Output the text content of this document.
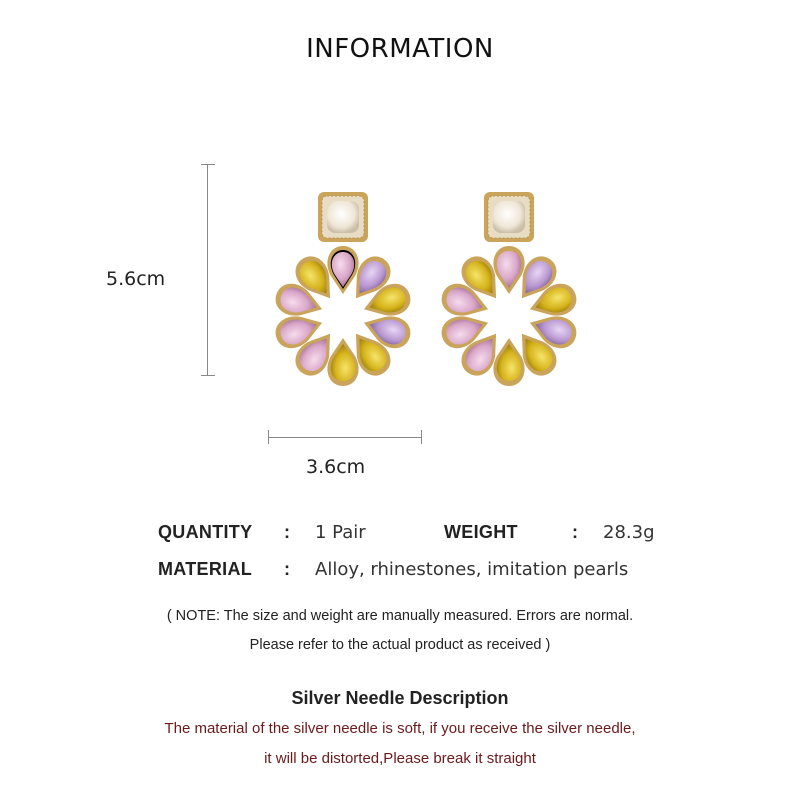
INFORMATION
5.6cm
3.6cm
QUANTITY : 1 Pair	WEIGHT	: 28.3g
MATERIAL : Alloy, rhinestones, imitation pearls
( NOTE: The size and weight are manually measured. Errors are normal.
Please refer to the actual product as received )
Silver Needle Description
The material of the silver needle is soft, if you receive the silver needle,
it will be distorted,Please break it straight
